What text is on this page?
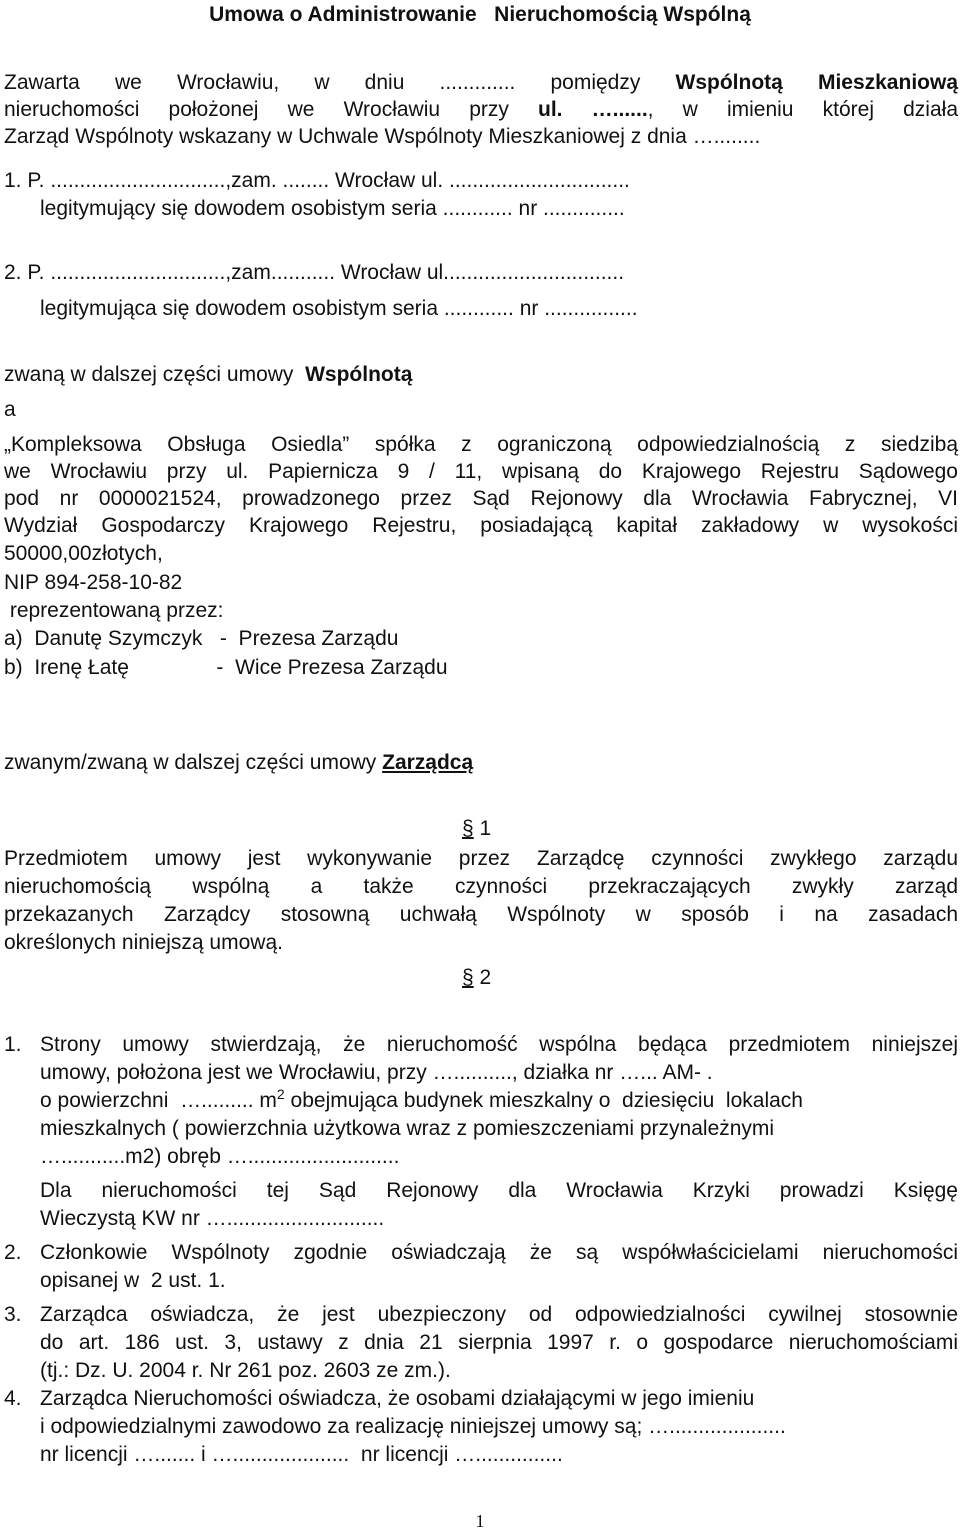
Umowa o Administrowanie   Nieruchomością Wspólną
Zawarta we Wrocławiu, w dniu ............. pomiędzy Wspólnotą Mieszkaniową
nieruchomości położonej we Wrocławiu przy ul. …......, w imieniu której działa
Zarząd Wspólnoty wskazany w Uchwale Wspólnoty Mieszkaniowej z dnia …........
1. P. ..............................,zam. ........ Wrocław ul. ...............................
legitymujący się dowodem osobistym seria ............ nr ..............
2. P. ..............................,zam........... Wrocław ul...............................
legitymująca się dowodem osobistym seria ............ nr ................
zwaną w dalszej części umowy  Wspólnotą
a
„Kompleksowa Obsługa Osiedla” spółka z ograniczoną odpowiedzialnością z siedzibą
we Wrocławiu przy ul. Papiernicza 9 / 11, wpisaną do Krajowego Rejestru Sądowego
pod nr 0000021524, prowadzonego przez Sąd Rejonowy dla Wrocławia Fabrycznej, VI
Wydział Gospodarczy Krajowego Rejestru, posiadającą kapitał zakładowy w wysokości
50000,00złotych,
NIP 894-258-10-82
reprezentowaną przez:
a)  Danutę Szymczyk   -  Prezesa Zarządu
b)  Irenę Łatę               -  Wice Prezesa Zarządu
zwanym/zwaną w dalszej części umowy Zarządcą
§ 1
Przedmiotem umowy jest wykonywanie przez Zarządcę czynności zwykłego zarządu
nieruchomością wspólną a także czynności przekraczających zwykły zarząd
przekazanych Zarządcy stosowną uchwałą Wspólnoty w sposób i na zasadach
określonych niniejszą umową.
§ 2
1. Strony umowy stwierdzają, że nieruchomość wspólna będąca przedmiotem niniejszej
umowy, położona jest we Wrocławiu, przy ….........., działka nr …... AM- .
o powierzchni  …......... $m^2$ obejmująca budynek mieszkalny o  dziesięciu  lokalach
mieszkalnych ( powierzchnia użytkowa wraz z pomieszczeniami przynależnymi
…...........m2) obręb …..........................
Dla nieruchomości tej Sąd Rejonowy dla Wrocławia Krzyki prowadzi Księgę
Wieczystą KW nr …...........................
2. Członkowie Wspólnoty zgodnie oświadczają że są współwłaścicielami nieruchomości
opisanej w  2 ust. 1.
3. Zarządca oświadcza, że jest ubezpieczony od odpowiedzialności cywilnej stosownie
do art. 186 ust. 3, ustawy z dnia 21 sierpnia 1997 r. o gospodarce nieruchomościami
(tj.: Dz. U. 2004 r. Nr 261 poz. 2603 ze zm.).
4. Zarządca Nieruchomości oświadcza, że osobami działającymi w jego imieniu
i odpowiedzialnymi zawodowo za realizację niniejszej umowy są; …....................
nr licencji …....... i …....................  nr licencji …...............
1
